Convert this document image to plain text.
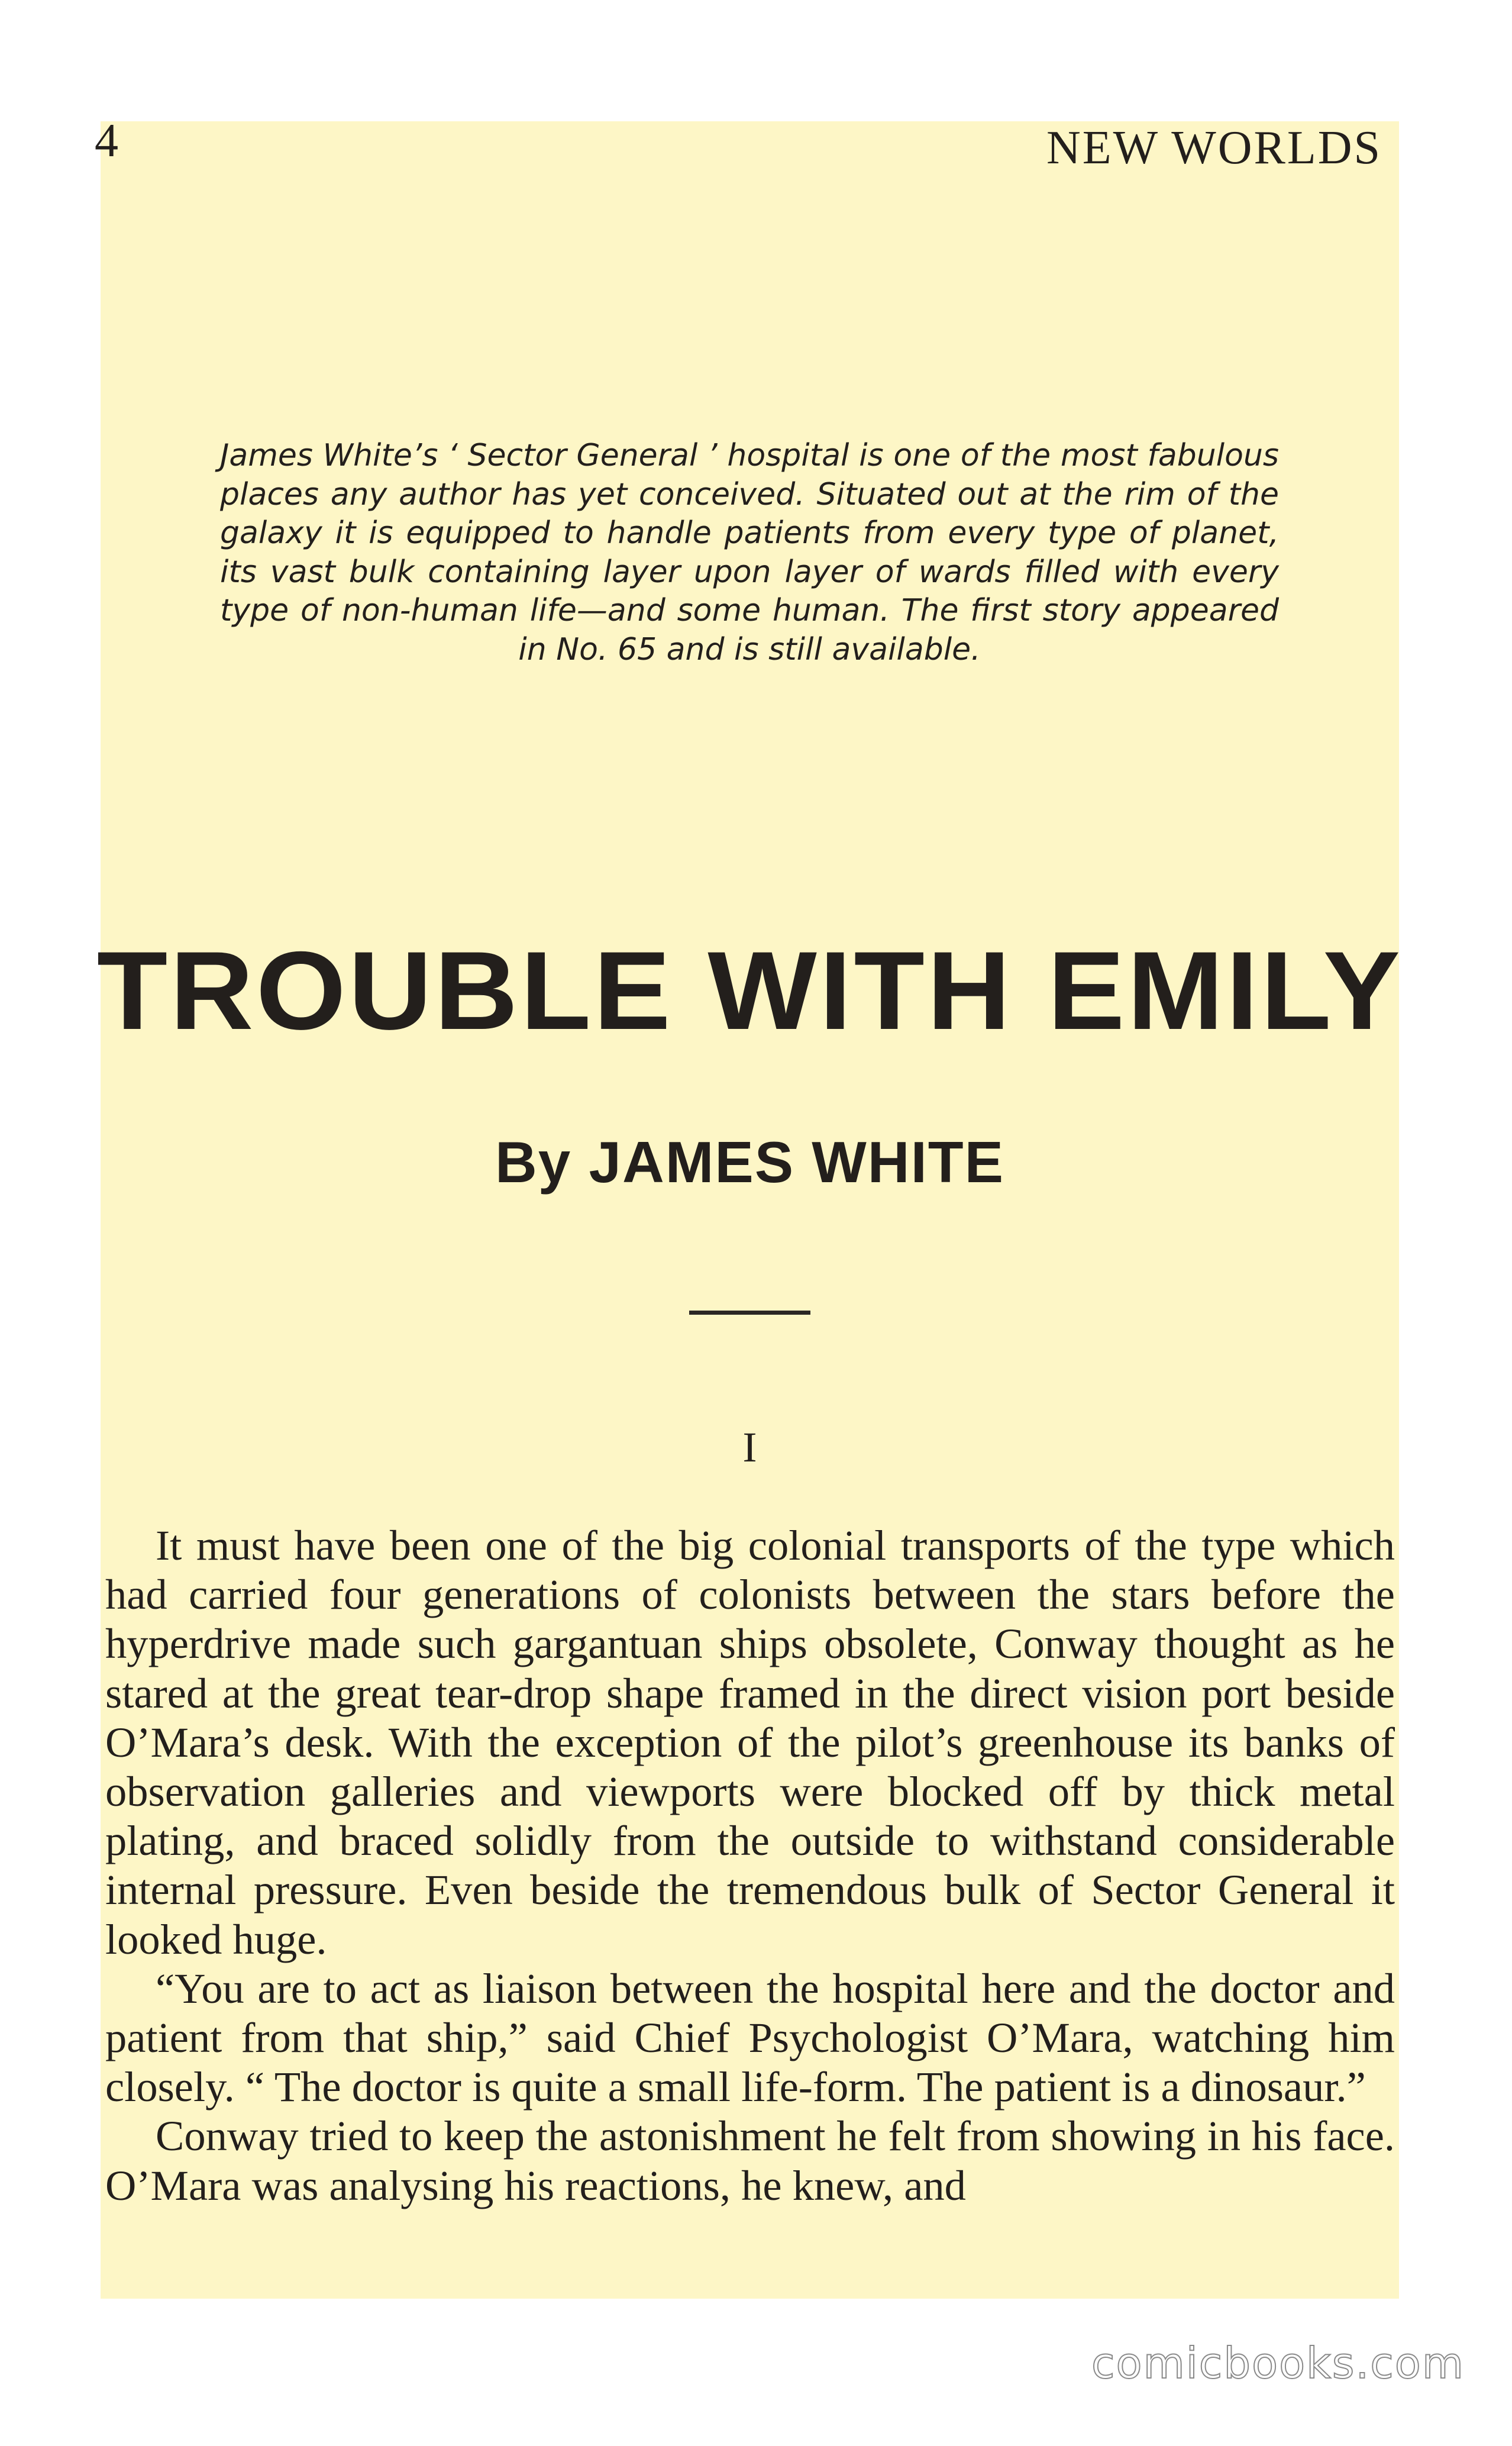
4	NEW WORLDS
James White’s ‘ Sector General ’ hospital is one of the most fabulous places any author has yet conceived. Situated out at the rim of the galaxy it is equipped to handle patients from every type of planet, its vast bulk containing layer upon layer of wards filled with every type of non-human life—and some human. The first story appeared in No. 65 and is still available.
TROUBLE WITH EMILY
By JAMES WHITE
I

It must have been one of the big colonial transports of the type which had carried four generations of colonists between the stars before the hyperdrive made such gargantuan ships obsolete, Conway thought as he stared at the great tear-drop shape framed in the direct vision port beside O’Mara’s desk. With the exception of the pilot’s greenhouse its banks of observation galleries and viewports were blocked off by thick metal plating, and braced solidly from the outside to withstand considerable internal pressure. Even beside the tremendous bulk of Sector General it looked huge.

“You are to act as liaison between the hospital here and the doctor and patient from that ship,” said Chief Psychologist O’Mara, watching him closely. “ The doctor is quite a small life-form. The patient is a dinosaur.”

Conway tried to keep the astonishment he felt from showing in his face. O’Mara was analysing his reactions, he knew, and

comicbooks.com
